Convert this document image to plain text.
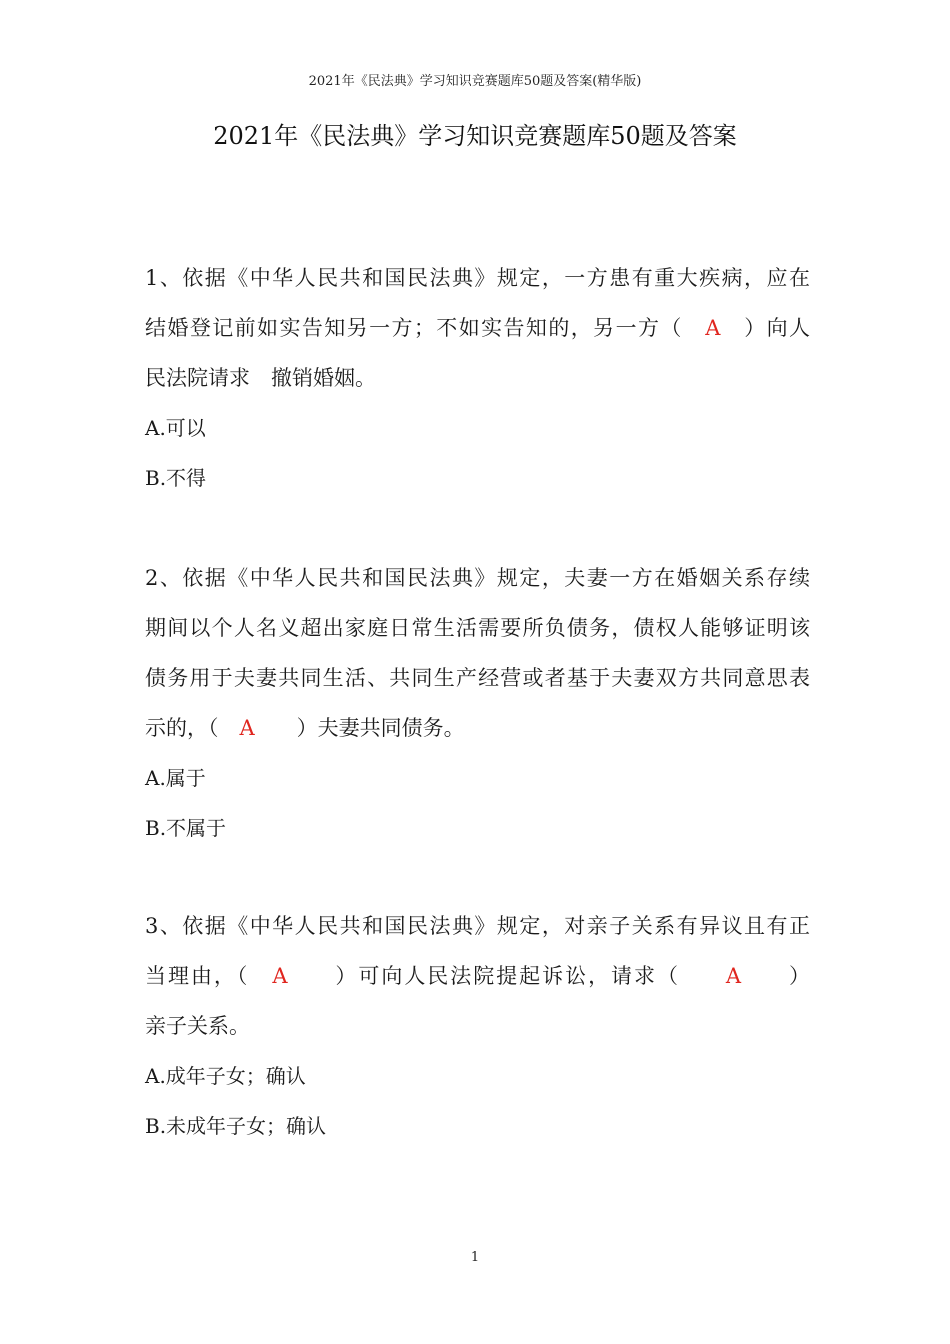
2021年《民法典》学习知识竞赛题库50题及答案(精华版)
2021年《民法典》学习知识竞赛题库50题及答案
1、依据《中华人民共和国民法典》规定，一方患有重大疾病，应在
结婚登记前如实告知另一方；不如实告知的，另一方（　A　）向人
民法院请求　撤销婚姻。
A.可以
B.不得
2、依据《中华人民共和国民法典》规定，夫妻一方在婚姻关系存续
期间以个人名义超出家庭日常生活需要所负债务，债权人能够证明该
债务用于夫妻共同生活、共同生产经营或者基于夫妻双方共同意思表
示的，（　A　　）夫妻共同债务。
A.属于
B.不属于
3、依据《中华人民共和国民法典》规定，对亲子关系有异议且有正
当理由，（　A　　）可向人民法院提起诉讼，请求（　　A　　）
亲子关系。
A.成年子女；确认
B.未成年子女；确认
1
